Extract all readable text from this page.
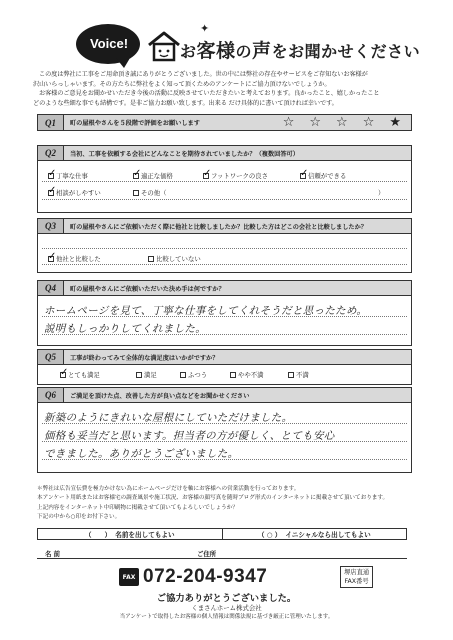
Voice!
✦
お客様の声をお聞かせください

この度は弊社に工事をご用命頂き誠にありがとうございました。世の中には弊社の存在やサービスをご存知ないお客様が

沢山いらっしゃいます。その方たちに弊社をよく知って頂くためのアンケートにご協力頂けないでしょうか。

お客様のご意見をお聞かせいただき今後の活動に反映させていただきたいと考えております。良かったこと、嬉しかったこと

どのような些細な事でも結構です。是非ご協力お願い致します。出来る だけ具体的に書いて頂ければ幸いです。
Q1	町の屋根やさんを５段階で評価をお願いします	☆ ☆ ☆ ☆ ★
Q2	当初、工事を依頼する会社にどんなことを期待されていましたか？（複数回答可）
✓
丁寧な仕事 ✓	適正な価格 ✓	フットワークの良さ ✓	信頼ができる
✓
相談がしやすい	その他（	）
Q3	町の屋根やさんにご依頼いただく際に他社と比較しましたか？比較した方はどこの会社と比較しましたか？
✓
他社と比較した	比較していない
Q4	町の屋根やさんにご依頼いただいた決め手は何ですか？
ホームページを見て、丁寧な仕事をしてくれそうだと思ったため。
説明もしっかりしてくれました。
Q5	工事が終わってみて全体的な満足度はいかがですか？
✓
とても満足	満足	ふつう	やや不満	不満
Q6	ご満足を頂けた点、改善した方が良い点などをお聞かせください
新築のようにきれいな屋根にしていただけました。
価格も妥当だと思います。担当者の方が優しく、とても安心
できました。ありがとうございました。
＊弊社は広告宣伝費を極力かけない為にホームページだけを軸にお客様への営業活動を行っております。
本アンケート用紙またはお客様宅の調査風景や施工状況、お客様の顔写真を随時ブログ形式のインターネットに掲載させて頂いております。
上記内容をインターネット中印刷物に掲載させて頂いてもよろしいでしょうか？
下記の中から○印をお付下さい。
（　　） 名前を出してもよい	（ ○ ） イニシャルなら出してもよい
名 前	ご住所
FAX 072-204-9347	堺店直通
FAX番号
ご協力ありがとうございました。
くまさんホーム株式会社
当アンケートで取得したお客様の個人情報は関係法規に基づき厳正に管理いたします。
